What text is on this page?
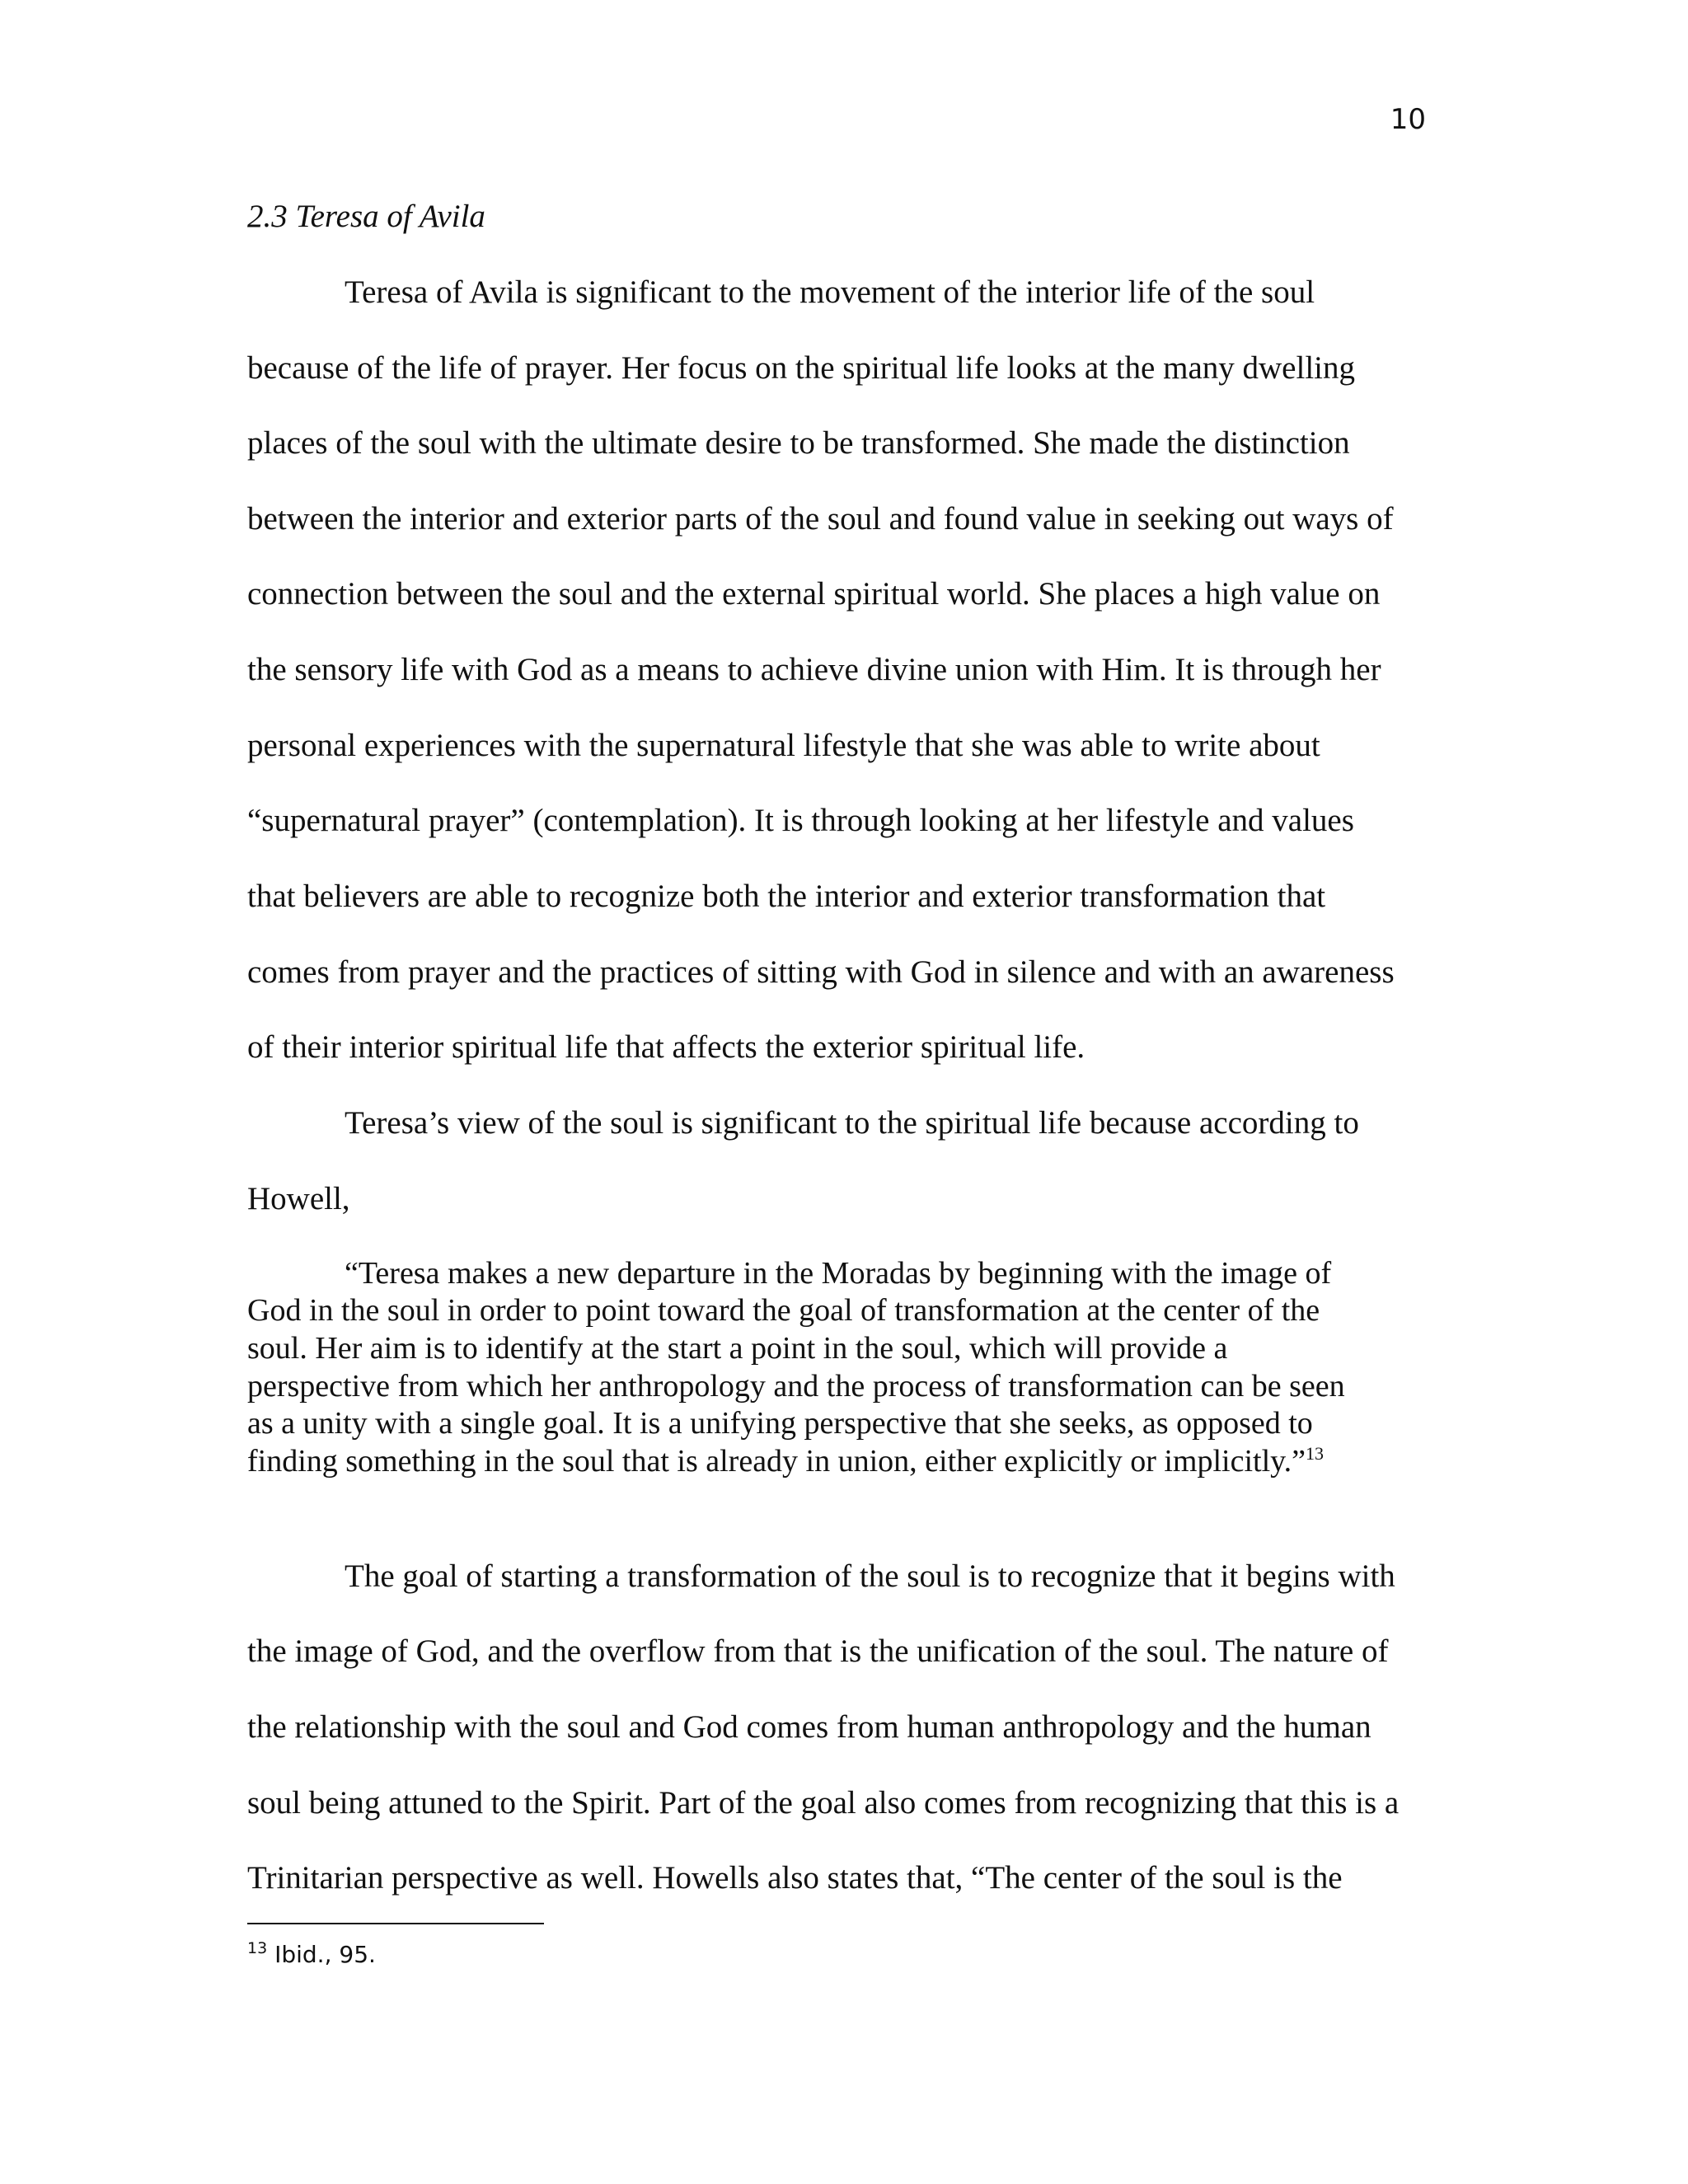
10
2.3 Teresa of Avila

Teresa of Avila is significant to the movement of the interior life of the soul

because of the life of prayer. Her focus on the spiritual life looks at the many dwelling

places of the soul with the ultimate desire to be transformed. She made the distinction

between the interior and exterior parts of the soul and found value in seeking out ways of

connection between the soul and the external spiritual world. She places a high value on

the sensory life with God as a means to achieve divine union with Him. It is through her

personal experiences with the supernatural lifestyle that she was able to write about

“supernatural prayer” (contemplation). It is through looking at her lifestyle and values

that believers are able to recognize both the interior and exterior transformation that

comes from prayer and the practices of sitting with God in silence and with an awareness

of their interior spiritual life that affects the exterior spiritual life.

Teresa’s view of the soul is significant to the spiritual life because according to

Howell,

“Teresa makes a new departure in the Moradas by beginning with the image of

God in the soul in order to point toward the goal of transformation at the center of the

soul. Her aim is to identify at the start a point in the soul, which will provide a

perspective from which her anthropology and the process of transformation can be seen

as a unity with a single goal. It is a unifying perspective that she seeks, as opposed to

finding something in the soul that is already in union, either explicitly or implicitly.”$^{13}$

The goal of starting a transformation of the soul is to recognize that it begins with

the image of God, and the overflow from that is the unification of the soul. The nature of

the relationship with the soul and God comes from human anthropology and the human

soul being attuned to the Spirit. Part of the goal also comes from recognizing that this is a

Trinitarian perspective as well. Howells also states that, “The center of the soul is the

$^{13}$ Ibid., 95.
